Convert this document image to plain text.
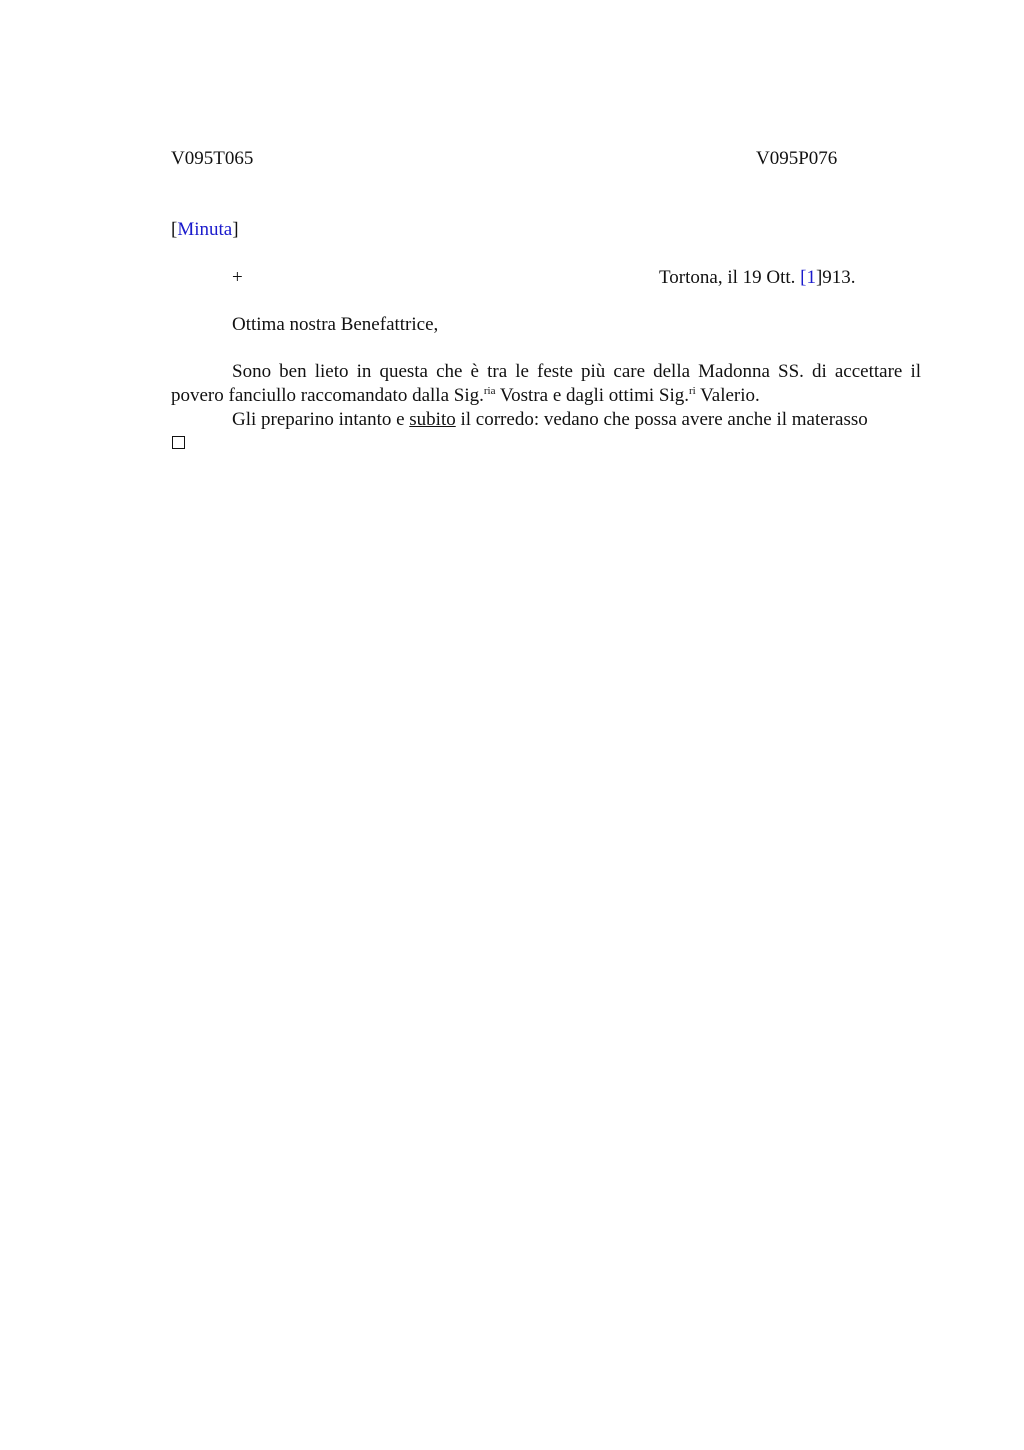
V095T065	V095P076
[Minuta]
+	Tortona, il 19 Ott. [1]913.
Ottima nostra Benefattrice,
Sono ben lieto in questa che è tra le feste più care della Madonna SS. di accettare il povero fanciullo raccomandato dalla Sig.$^{ria}$ Vostra e dagli ottimi Sig.$^{ri}$ Valerio.
Gli preparino intanto e subito il corredo: vedano che possa avere anche il materasso
